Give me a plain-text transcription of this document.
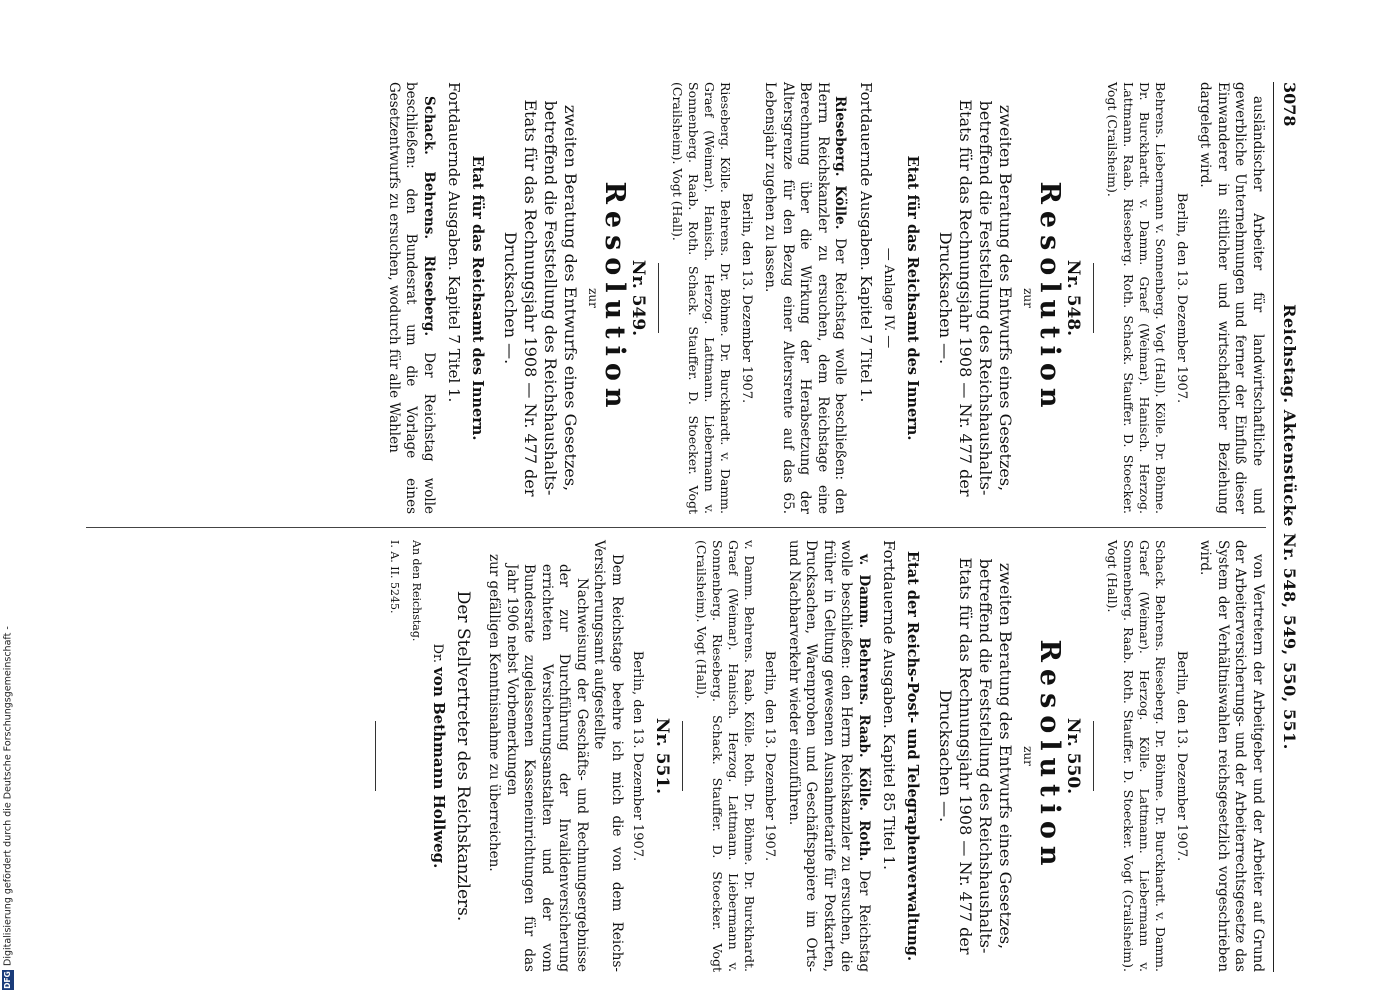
3078
Reichstag. Aktenstücke Nr. 548, 549, 550, 551.

ausländischer Arbeiter für landwirtschaftliche und gewerbliche Unternehmungen und ferner der Einfluß dieser Einwanderer in sittlicher und wirtschaftlicher Beziehung dargelegt wird.

Berlin, den 13. Dezember 1907.

Behrens. Liebermann v. Sonnenberg. Vogt (Hall). Kölle. Dr. Böhme. Dr. Burckhardt. v. Damm. Graef (Weimar). Hanisch. Herzog. Lattmann. Raab. Rieseberg. Roth. Schack. Stauffer. D. Stoecker. Vogt (Crailsheim).

Nr. 548.

Resolution

zur

zweiten Beratung des Entwurfs eines Gesetzes, betreffend die Feststellung des Reichshaushalts-Etats für das Rechnungsjahr 1908 — Nr. 477 der Drucksachen —.

Etat für das Reichsamt des Innern.

— Anlage IV. —

Fortdauernde Ausgaben. Kapitel 7 Titel 1.

Rieseberg. Kölle. Der Reichstag wolle beschließen: den Herrn Reichskanzler zu ersuchen, dem Reichstage eine Berechnung über die Wirkung der Herabsetzung der Altersgrenze für den Bezug einer Altersrente auf das 65. Lebensjahr zugehen zu lassen.

Berlin, den 13. Dezember 1907.

Rieseberg. Kölle. Behrens. Dr. Böhme. Dr. Burckhardt. v. Damm. Graef (Weimar). Hanisch. Herzog. Lattmann. Liebermann v. Sonnenberg. Raab. Roth. Schack. Stauffer. D. Stoecker. Vogt (Crailsheim). Vogt (Hall).

Nr. 549.

Resolution

zur

zweiten Beratung des Entwurfs eines Gesetzes, betreffend die Feststellung des Reichshaushalts-Etats für das Rechnungsjahr 1908 — Nr. 477 der Drucksachen —.

Etat für das Reichsamt des Innern.

Fortdauernde Ausgaben. Kapitel 7 Titel 1.

Schack. Behrens. Rieseberg. Der Reichstag wolle beschließen: den Bundesrat um die Vorlage eines Gesetzentwurfs zu ersuchen, wodurch für alle Wahlen

von Vertretern der Arbeitgeber und der Arbeiter auf Grund der Arbeiterversicherungs- und der Arbeiterrechtsgesetze das System der Verhältniswahlen reichsgesetzlich vorgeschrieben wird.

Berlin, den 13. Dezember 1907.

Schack. Behrens. Rieseberg. Dr. Böhme. Dr. Burckhardt. v. Damm. Graef (Weimar). Herzog. Kölle. Lattmann. Liebermann v. Sonnenberg. Raab. Roth. Stauffer. D. Stoecker. Vogt (Crailsheim). Vogt (Hall).

Nr. 550.

Resolution

zur

zweiten Beratung des Entwurfs eines Gesetzes, betreffend die Feststellung des Reichshaushalts-Etats für das Rechnungsjahr 1908 — Nr. 477 der Drucksachen —.

Etat der Reichs-Post- und Telegraphenverwaltung.

Fortdauernde Ausgaben. Kapitel 85 Titel 1.

v. Damm. Behrens. Raab. Kölle. Roth. Der Reichstag wolle beschließen: den Herrn Reichskanzler zu ersuchen, die früher in Geltung gewesenen Ausnahmetarife für Postkarten, Drucksachen, Warenproben und Geschäftspapiere im Orts- und Nachbarverkehr wieder einzuführen.

Berlin, den 13. Dezember 1907.

v. Damm. Behrens. Raab. Kölle. Roth. Dr. Böhme. Dr. Burckhardt. Graef (Weimar). Hanisch. Herzog. Lattmann. Liebermann v. Sonnenberg. Rieseberg. Schack. Stauffer. D. Stoecker. Vogt (Crailsheim). Vogt (Hall).

Nr. 551.

Berlin, den 13. Dezember 1907.

Dem Reichstage beehre ich mich die von dem Reichs-Versicherungsamt aufgestellte

Nachweisung der Geschäfts- und Rechnungsergebnisse der zur Durchführung der Invalidenversicherung errichteten Versicherungsanstalten und der vom Bundesrate zugelassenen Kasseneinrichtungen für das Jahr 1906 nebst Vorbemerkungen

zur gefälligen Kenntnisnahme zu überreichen.

Der Stellvertreter des Reichskanzlers.

Dr. von Bethmann Hollweg.

An den Reichstag.

I. A. II. 5245.

DFGDigitalisierung gefördert durch die Deutsche Forschungsgemeinschaft -
